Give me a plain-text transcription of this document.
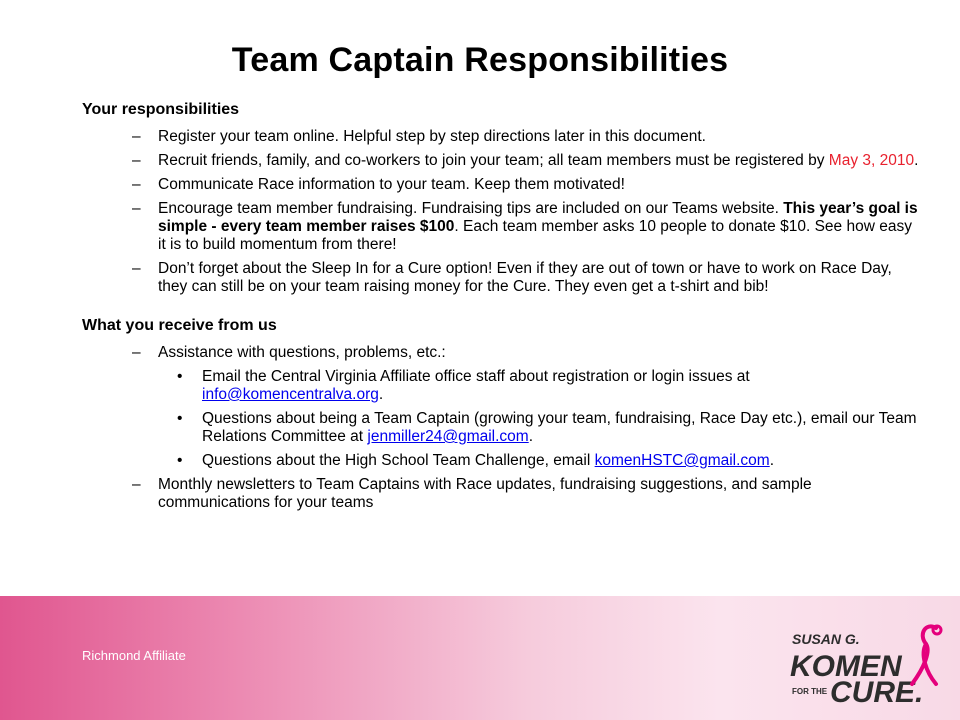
Team Captain Responsibilities
Your responsibilities
– Register your team online. Helpful step by step directions later in this document.
– Recruit friends, family, and co-workers to join your team; all team members must be registered by May 3, 2010.
– Communicate Race information to your team. Keep them motivated!
– Encourage team member fundraising. Fundraising tips are included on our Teams website. This year’s goal is simple - every team member raises $100. Each team member asks 10 people to donate $10. See how easy it is to build momentum from there!
– Don’t forget about the Sleep In for a Cure option! Even if they are out of town or have to work on Race Day, they can still be on your team raising money for the Cure. They even get a t-shirt and bib!
What you receive from us
– Assistance with questions, problems, etc.:
• Email the Central Virginia Affiliate office staff about registration or login issues at info@komencentralva.org.
• Questions about being a Team Captain (growing your team, fundraising, Race Day etc.), email our Team Relations Committee at jenmiller24@gmail.com.
• Questions about the High School Team Challenge, email komenHSTC@gmail.com.
– Monthly newsletters to Team Captains with Race updates, fundraising suggestions, and sample communications for your teams
Richmond Affiliate
SUSAN G.
KOMEN
FOR THE CURE.
